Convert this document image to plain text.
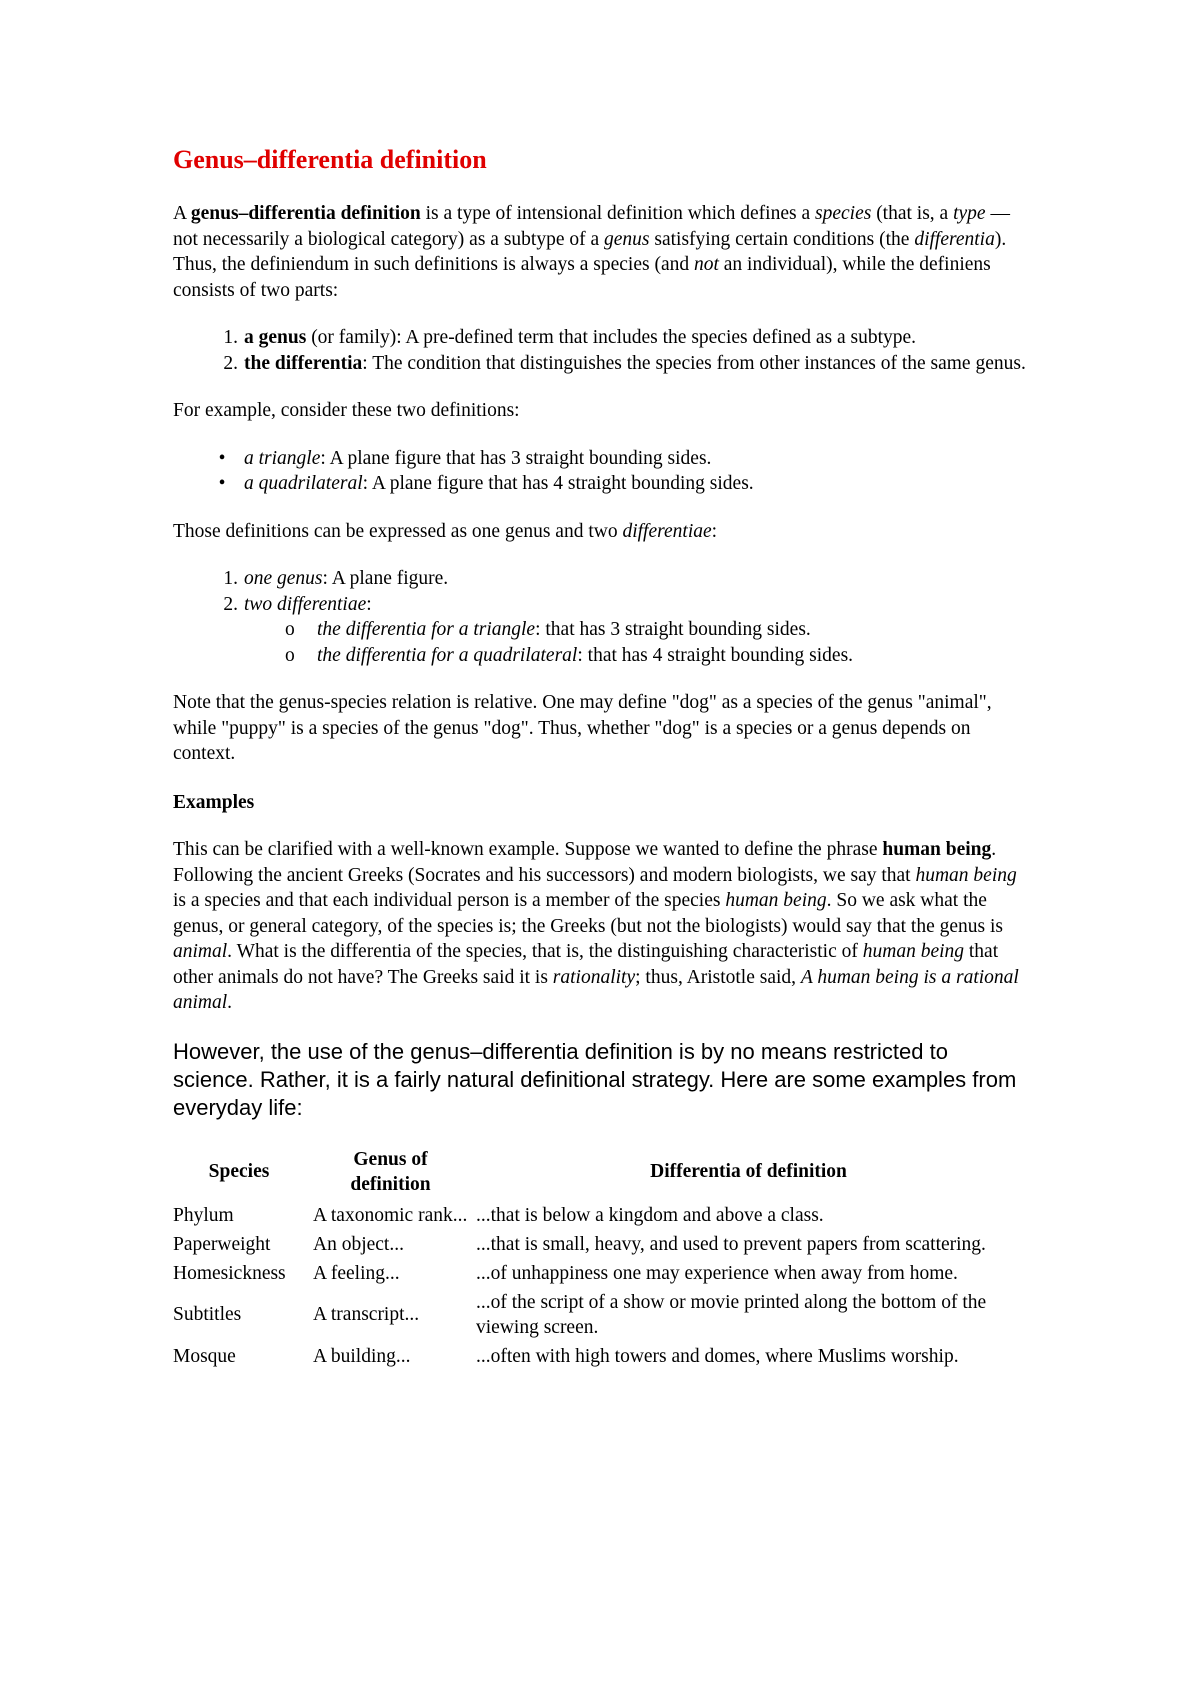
Genus–differentia definition

A genus–differentia definition is a type of intensional definition which defines a species (that is, a type — not necessarily a biological category) as a subtype of a genus satisfying certain conditions (the differentia). Thus, the definiendum in such definitions is always a species (and not an individual), while the definiens consists of two parts:

1. a genus (or family): A pre-defined term that includes the species defined as a subtype.
2. the differentia: The condition that distinguishes the species from other instances of the same genus.

For example, consider these two definitions:

• a triangle: A plane figure that has 3 straight bounding sides.
• a quadrilateral: A plane figure that has 4 straight bounding sides.

Those definitions can be expressed as one genus and two differentiae:

1. one genus: A plane figure.
2. two differentiae:
o the differentia for a triangle: that has 3 straight bounding sides.
o the differentia for a quadrilateral: that has 4 straight bounding sides.

Note that the genus-species relation is relative. One may define "dog" as a species of the genus "animal", while "puppy" is a species of the genus "dog". Thus, whether "dog" is a species or a genus depends on context.

Examples

This can be clarified with a well-known example. Suppose we wanted to define the phrase human being. Following the ancient Greeks (Socrates and his successors) and modern biologists, we say that human being is a species and that each individual person is a member of the species human being. So we ask what the genus, or general category, of the species is; the Greeks (but not the biologists) would say that the genus is animal. What is the differentia of the species, that is, the distinguishing characteristic of human being that other animals do not have? The Greeks said it is rationality; thus, Aristotle said, A human being is a rational animal.

However, the use of the genus–differentia definition is by no means restricted to science. Rather, it is a fairly natural definitional strategy. Here are some examples from everyday life:

Species	Genus of definition	Differentia of definition
Phylum	A taxonomic rank...	...that is below a kingdom and above a class.
Paperweight	An object...	...that is small, heavy, and used to prevent papers from scattering.
Homesickness	A feeling...	...of unhappiness one may experience when away from home.
Subtitles	A transcript...	...of the script of a show or movie printed along the bottom of the viewing screen.
Mosque	A building...	...often with high towers and domes, where Muslims worship.
